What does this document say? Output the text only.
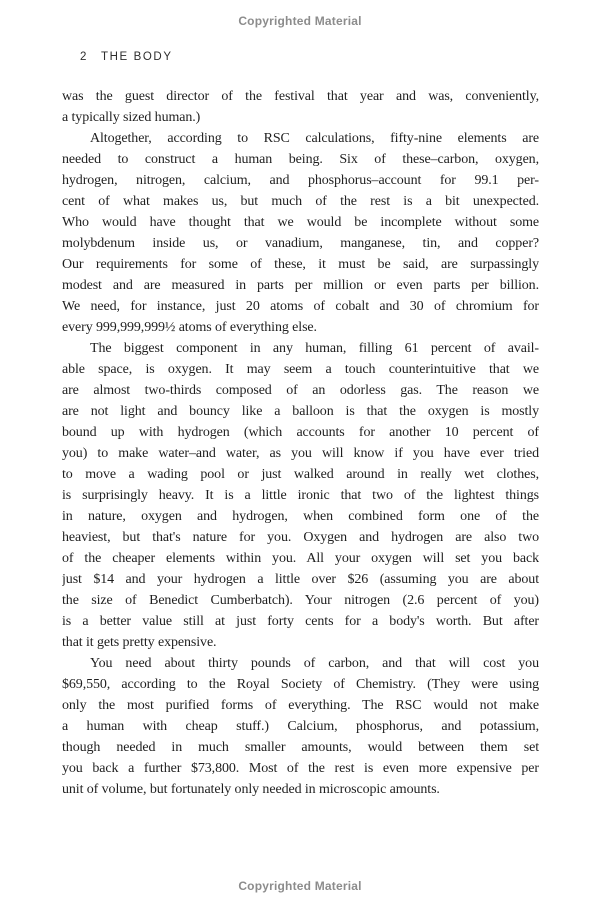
Copyrighted Material
2 THE BODY
was the guest director of the festival that year and was, conveniently,
a typically sized human.)
Altogether, according to RSC calculations, fifty-nine elements are
needed to construct a human being. Six of these–carbon, oxygen,
hydrogen, nitrogen, calcium, and phosphorus–account for 99.1 per-
cent of what makes us, but much of the rest is a bit unexpected.
Who would have thought that we would be incomplete without some
molybdenum inside us, or vanadium, manganese, tin, and copper?
Our requirements for some of these, it must be said, are surpassingly
modest and are measured in parts per million or even parts per billion.
We need, for instance, just 20 atoms of cobalt and 30 of chromium for
every 999,999,999½ atoms of everything else.
The biggest component in any human, filling 61 percent of avail-
able space, is oxygen. It may seem a touch counterintuitive that we
are almost two-thirds composed of an odorless gas. The reason we
are not light and bouncy like a balloon is that the oxygen is mostly
bound up with hydrogen (which accounts for another 10 percent of
you) to make water–and water, as you will know if you have ever tried
to move a wading pool or just walked around in really wet clothes,
is surprisingly heavy. It is a little ironic that two of the lightest things
in nature, oxygen and hydrogen, when combined form one of the
heaviest, but that's nature for you. Oxygen and hydrogen are also two
of the cheaper elements within you. All your oxygen will set you back
just $14 and your hydrogen a little over $26 (assuming you are about
the size of Benedict Cumberbatch). Your nitrogen (2.6 percent of you)
is a better value still at just forty cents for a body's worth. But after
that it gets pretty expensive.
You need about thirty pounds of carbon, and that will cost you
$69,550, according to the Royal Society of Chemistry. (They were using
only the most purified forms of everything. The RSC would not make
a human with cheap stuff.) Calcium, phosphorus, and potassium,
though needed in much smaller amounts, would between them set
you back a further $73,800. Most of the rest is even more expensive per
unit of volume, but fortunately only needed in microscopic amounts.
Copyrighted Material
